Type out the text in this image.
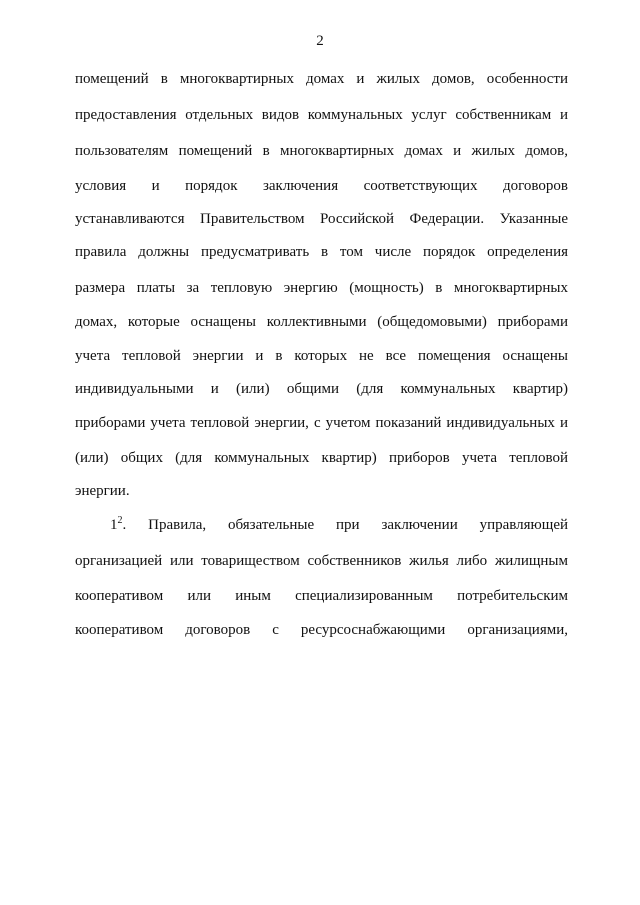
2
помещений в многоквартирных домах и жилых домов, особенности
предоставления отдельных видов коммунальных услуг собственникам и
пользователям помещений в многоквартирных домах и жилых домов,
условия и порядок заключения соответствующих договоров
устанавливаются Правительством Российской Федерации. Указанные
правила должны предусматривать в том числе порядок определения
размера платы за тепловую энергию (мощность) в многоквартирных
домах, которые оснащены коллективными (общедомовыми) приборами
учета тепловой энергии и в которых не все помещения оснащены
индивидуальными и (или) общими (для коммунальных квартир)
приборами учета тепловой энергии, с учетом показаний индивидуальных и
(или) общих (для коммунальных квартир) приборов учета тепловой
энергии.
$1^2$. Правила, обязательные при заключении управляющей
организацией или товариществом собственников жилья либо жилищным
кооперативом или иным специализированным потребительским
кооперативом договоров с ресурсоснабжающими организациями,
